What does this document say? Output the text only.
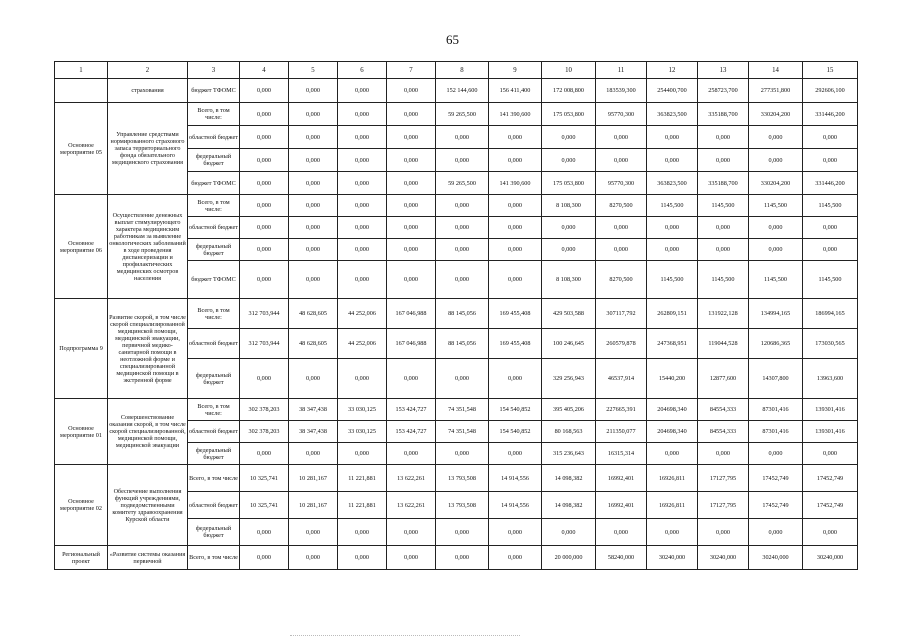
65
1	2	3	4	5	6	7	8	9	10	11	12	13	14	15
	страхования	бюджет ТФОМС	0,000	0,000	0,000	0,000	152 144,600	156 411,400	172 008,800	183539,300	254400,700	258723,700	277351,800	292606,100
Основное мероприятие 05	Управление средствами нормированного страхового запаса территориального фонда обязательного медицинского страхования	Всего, в том числе:	0,000	0,000	0,000	0,000	59 265,500	141 390,600	175 053,800	95770,300	363823,500	335188,700	330204,200	331446,200
		областной бюджет	0,000	0,000	0,000	0,000	0,000	0,000	0,000	0,000	0,000	0,000	0,000	0,000
		федеральный бюджет	0,000	0,000	0,000	0,000	0,000	0,000	0,000	0,000	0,000	0,000	0,000	0,000
		бюджет ТФОМС	0,000	0,000	0,000	0,000	59 265,500	141 390,600	175 053,800	95770,300	363823,500	335188,700	330204,200	331446,200
Основное мероприятие 06	Осуществление денежных выплат стимулирующего характера медицинским работникам за выявление онкологических заболеваний в ходе проведения диспансеризации и профилактических медицинских осмотров населения	Всего, в том числе:	0,000	0,000	0,000	0,000	0,000	0,000	8 108,300	8270,500	1145,500	1145,500	1145,500	1145,500
		областной бюджет	0,000	0,000	0,000	0,000	0,000	0,000	0,000	0,000	0,000	0,000	0,000	0,000
		федеральный бюджет	0,000	0,000	0,000	0,000	0,000	0,000	0,000	0,000	0,000	0,000	0,000	0,000
		бюджет ТФОМС	0,000	0,000	0,000	0,000	0,000	0,000	8 108,300	8270,500	1145,500	1145,500	1145,500	1145,500
Подпрограмма 9	Развитие скорой, в том числе скорой специализированной медицинской помощи, медицинской эвакуации, первичной медико-санитарной помощи в неотложной форме и специализированной медицинской помощи в экстренной форме	Всего, в том числе:	312 703,944	48 628,605	44 252,006	167 046,988	88 145,056	169 455,408	429 503,588	307117,792	262809,151	131922,128	134994,165	186994,165
		областной бюджет	312 703,944	48 628,605	44 252,006	167 046,988	88 145,056	169 455,408	100 246,645	260579,878	247368,951	119044,528	120686,365	173030,565
		федеральный бюджет	0,000	0,000	0,000	0,000	0,000	0,000	329 256,943	46537,914	15440,200	12877,600	14307,800	13963,600
Основное мероприятие 01	Совершенствование оказания скорой, в том числе скорой специализированной, медицинской помощи, медицинской эвакуации	Всего, в том числе:	302 378,203	38 347,438	33 030,125	153 424,727	74 351,548	154 540,852	395 405,206	227665,391	204698,340	84554,333	87301,416	139301,416
		областной бюджет	302 378,203	38 347,438	33 030,125	153 424,727	74 351,548	154 540,852	80 168,563	211350,077	204698,340	84554,333	87301,416	139301,416
		федеральный бюджет	0,000	0,000	0,000	0,000	0,000	0,000	315 236,643	16315,314	0,000	0,000	0,000	0,000
Основное мероприятие 02	Обеспечение выполнения функций учреждениями, подведомственными комитету здравоохранения Курской области	Всего, в том числе	10 325,741	10 281,167	11 221,881	13 622,261	13 793,508	14 914,556	14 098,382	16992,401	16926,811	17127,795	17452,749	17452,749
		областной бюджет	10 325,741	10 281,167	11 221,881	13 622,261	13 793,508	14 914,556	14 098,382	16992,401	16926,811	17127,795	17452,749	17452,749
		федеральный бюджет	0,000	0,000	0,000	0,000	0,000	0,000	0,000	0,000	0,000	0,000	0,000	0,000
Региональный проект	«Развитие системы оказания первичной	Всего, в том числе	0,000	0,000	0,000	0,000	0,000	0,000	20 000,000	58240,000	30240,000	30240,000	30240,000	30240,000
